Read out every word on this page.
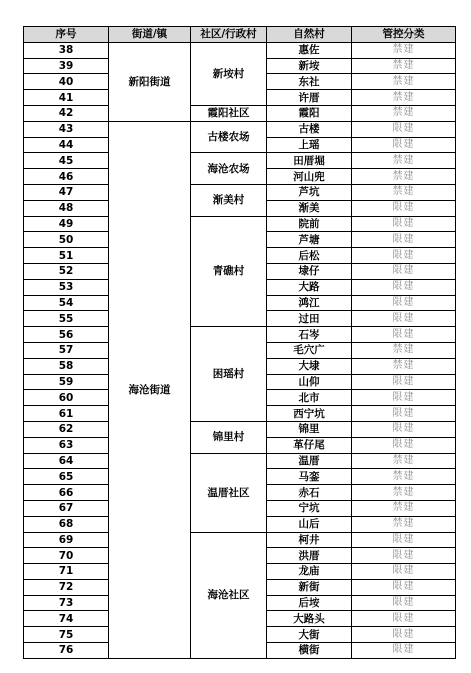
序号	街道/镇	社区/行政村	自然村	管控分类
38	新阳街道	新垵村	惠佐	禁建
39			新垵	禁建
40			东社	禁建
41			许厝	禁建
42		霞阳社区	霞阳	禁建
43	海沧街道	古楼农场	古楼	限建
44			上瑶	限建
45		海沧农场	田厝堀	禁建
46			河山兜	禁建
47		渐美村	芦坑	禁建
48			渐美	限建
49		青礁村	院前	限建
50			芦塘	限建
51			后松	限建
52			埭仔	限建
53			大路	限建
54			鸿江	限建
55			过田	限建
56		困瑶村	石岑	限建
57			毛穴广	禁建
58			大埭	禁建
59			山仰	限建
60			北市	限建
61			西宁坑	限建
62		锦里村	锦里	限建
63			革仔尾	限建
64		温厝社区	温厝	禁建
65			马銮	禁建
66			赤石	禁建
67			宁坑	禁建
68			山后	禁建
69		海沧社区	柯井	限建
70			洪厝	限建
71			龙庙	限建
72			新街	限建
73			后垵	限建
74			大路头	限建
75			大街	限建
76			横街	限建
